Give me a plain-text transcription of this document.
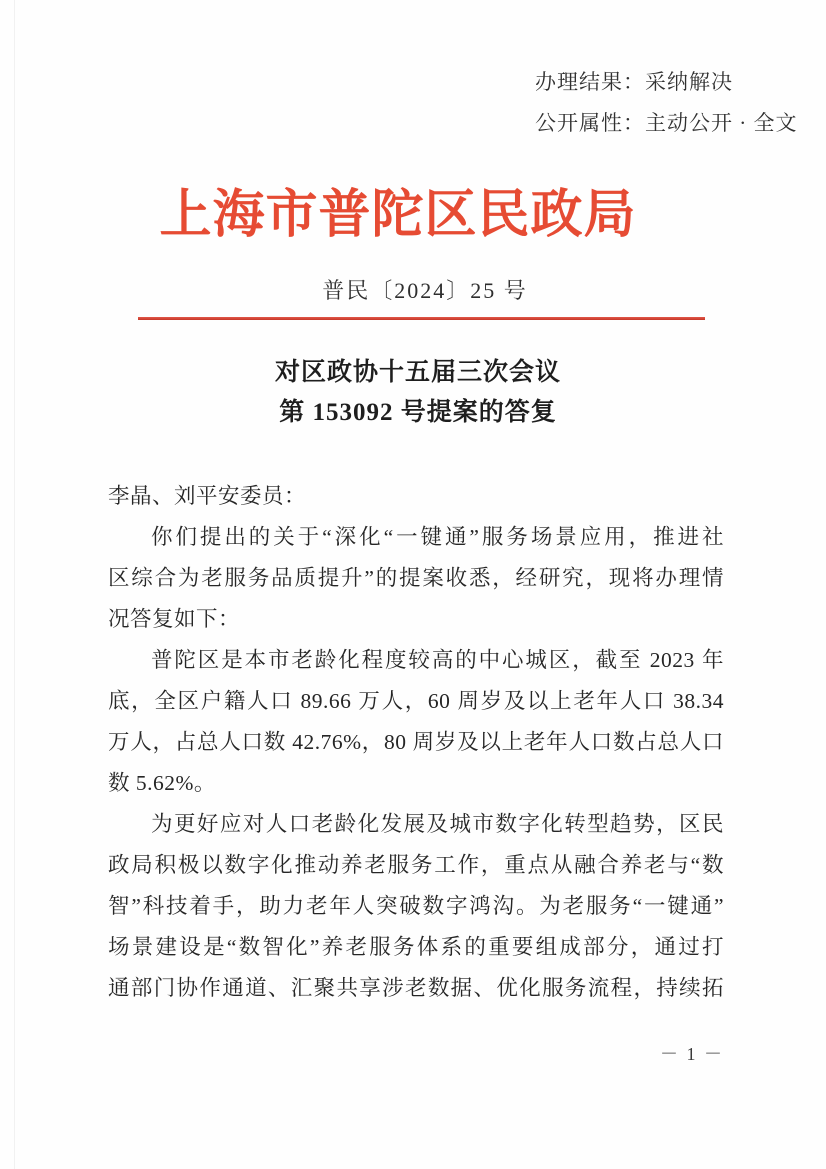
办理结果：采纳解决
公开属性：主动公开 · 全文
上海市普陀区民政局
普民〔2024〕25 号
对区政协十五届三次会议
第 153092 号提案的答复
李晶、刘平安委员：
你们提出的关于“深化“一键通”服务场景应用，推进社
区综合为老服务品质提升”的提案收悉，经研究，现将办理情
况答复如下：
普陀区是本市老龄化程度较高的中心城区，截至 2023 年
底，全区户籍人口 89.66 万人，60 周岁及以上老年人口 38.34
万人，占总人口数 42.76%，80 周岁及以上老年人口数占总人口
数 5.62%。
为更好应对人口老龄化发展及城市数字化转型趋势，区民
政局积极以数字化推动养老服务工作，重点从融合养老与“数
智”科技着手，助力老年人突破数字鸿沟。为老服务“一键通”
场景建设是“数智化”养老服务体系的重要组成部分，通过打
通部门协作通道、汇聚共享涉老数据、优化服务流程，持续拓
－ 1 －
